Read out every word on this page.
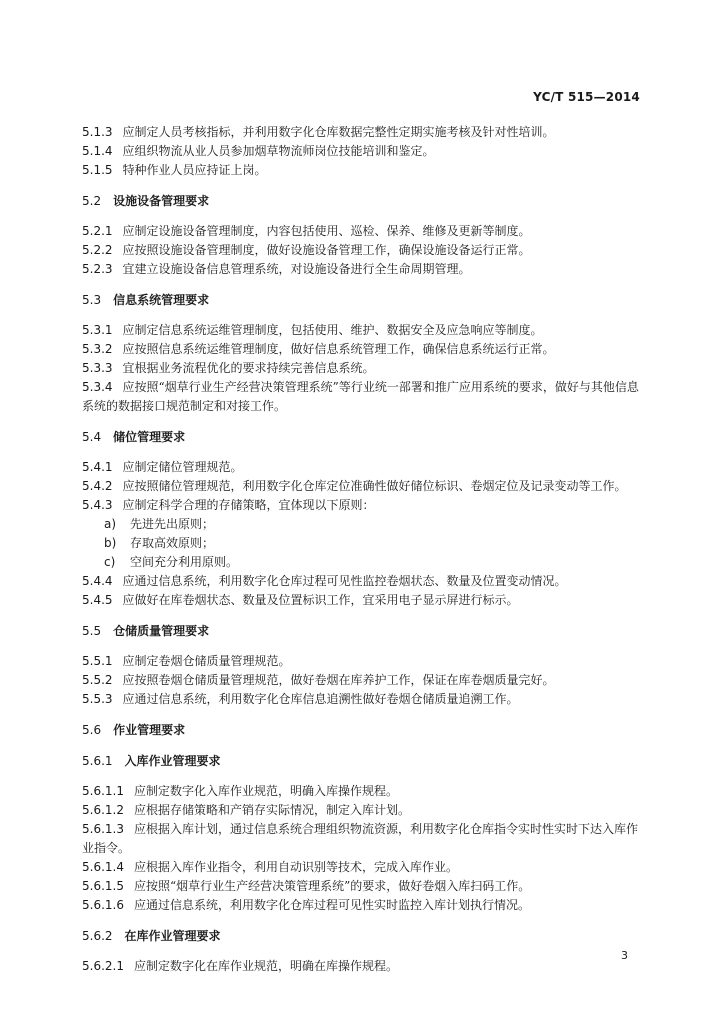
YC/T 515—2014

5.1.3 应制定人员考核指标，并利用数字化仓库数据完整性定期实施考核及针对性培训。

5.1.4 应组织物流从业人员参加烟草物流师岗位技能培训和鉴定。

5.1.5 特种作业人员应持证上岗。

5.2 设施设备管理要求

5.2.1 应制定设施设备管理制度，内容包括使用、巡检、保养、维修及更新等制度。

5.2.2 应按照设施设备管理制度，做好设施设备管理工作，确保设施设备运行正常。

5.2.3 宜建立设施设备信息管理系统，对设施设备进行全生命周期管理。

5.3 信息系统管理要求

5.3.1 应制定信息系统运维管理制度，包括使用、维护、数据安全及应急响应等制度。

5.3.2 应按照信息系统运维管理制度，做好信息系统管理工作，确保信息系统运行正常。

5.3.3 宜根据业务流程优化的要求持续完善信息系统。

5.3.4 应按照“烟草行业生产经营决策管理系统”等行业统一部署和推广应用系统的要求，做好与其他信息系统的数据接口规范制定和对接工作。

5.4 储位管理要求

5.4.1 应制定储位管理规范。

5.4.2 应按照储位管理规范，利用数字化仓库定位准确性做好储位标识、卷烟定位及记录变动等工作。

5.4.3 应制定科学合理的存储策略，宜体现以下原则：

a) 先进先出原则；

b) 存取高效原则；

c) 空间充分利用原则。

5.4.4 应通过信息系统，利用数字化仓库过程可见性监控卷烟状态、数量及位置变动情况。

5.4.5 应做好在库卷烟状态、数量及位置标识工作，宜采用电子显示屏进行标示。

5.5 仓储质量管理要求

5.5.1 应制定卷烟仓储质量管理规范。

5.5.2 应按照卷烟仓储质量管理规范，做好卷烟在库养护工作，保证在库卷烟质量完好。

5.5.3 应通过信息系统，利用数字化仓库信息追溯性做好卷烟仓储质量追溯工作。

5.6 作业管理要求

5.6.1 入库作业管理要求

5.6.1.1 应制定数字化入库作业规范，明确入库操作规程。

5.6.1.2 应根据存储策略和产销存实际情况，制定入库计划。

5.6.1.3 应根据入库计划，通过信息系统合理组织物流资源，利用数字化仓库指令实时性实时下达入库作业指令。

5.6.1.4 应根据入库作业指令，利用自动识别等技术，完成入库作业。

5.6.1.5 应按照“烟草行业生产经营决策管理系统”的要求，做好卷烟入库扫码工作。

5.6.1.6 应通过信息系统，利用数字化仓库过程可见性实时监控入库计划执行情况。

5.6.2 在库作业管理要求

5.6.2.1 应制定数字化在库作业规范，明确在库操作规程。

3
